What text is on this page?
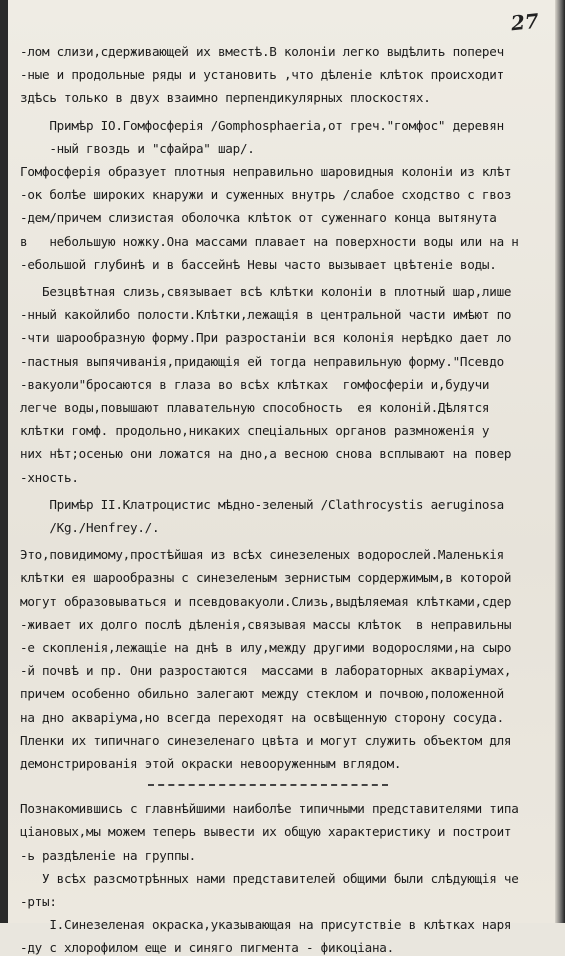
27
-лом слизи,сдерживающей их вместѣ.В колоніи легко выдѣлить попереч
-ные и продольные ряды и установить ,что дѣленіе клѣток происходит
здѣсь только в двух взаимно перпендикулярных плоскостях.
Примѣр IO.Гомфосферія /Gomphosphaeria,от греч."гомфос" деревян
-ный гвоздь и "сфайра" шар/.
Гомфосферія образует плотныя неправильно шаровидныя колоніи из клѣт
-ок болѣе широких кнаружи и суженных внутрь /слабое сходство с гвоз
-дем/причем слизистая оболочка клѣток от суженнаго конца вытянута
в   небольшую ножку.Она массами плавает на поверхности воды или на н
-ебольшой глубинѣ и в бассейнѣ Невы часто вызывает цвѣтеніе воды.
Безцвѣтная слизь,связывает всѣ клѣтки колоніи в плотный шар,лише
-нный какойлибо полости.Клѣтки,лежащія в центральной части имѣют по
-чти шарообразную форму.При разростаніи вся колонія нерѣдко дает ло
-пастныя выпячиванія,придающія ей тогда неправильную форму."Псевдо
-вакуоли"бросаются в глаза во всѣх клѣтках  гомфосферіи и,будучи
легче воды,повышают плавательную способность  ея колоній.Дѣлятся
клѣтки гомф. продольно,никаких спеціальных органов размноженія у
них нѣт;осенью они ложатся на дно,а весною снова всплывают на повер
-хность.
Примѣр II.Клатроцистис мѣдно-зеленый /Clathrocystis aeruginosa
/Kg./Henfrey./.
Это,повидимому,простѣйшая из всѣх синезеленых водорослей.Маленькія
клѣтки ея шарообразны с синезеленым зернистым сордержимым,в которой
могут образовываться и псевдовакуоли.Слизь,выдѣляемая клѣтками,сдер
-живает их долго послѣ дѣленія,связывая массы клѣток  в неправильны
-е скопленія,лежащіе на днѣ в илу,между другими водорослями,на сыро
-й почвѣ и пр. Они разростаются  массами в лабораторных акваріумах,
причем особенно обильно залегают между стеклом и почвою,положенной
на дно акваріума,но всегда переходят на освѣщенную сторону сосуда.
Пленки их типичнаго синезеленаго цвѣта и могут служить объектом для
демонстрированія этой окраски невооруженным вглядом.
Познакомившись с главнѣйшими наиболѣе типичными представителями типа
ціановых,мы можем теперь вывести их общую характеристику и построит
-ь раздѣленіе на группы.
У всѣх разсмотрѣнных нами представителей общими были слѣдующія че
-рты:
I.Синезеленая окраска,указывающая на присутствіе в клѣтках наря
-ду с хлорофилом еще и синяго пигмента - фикоціана.
